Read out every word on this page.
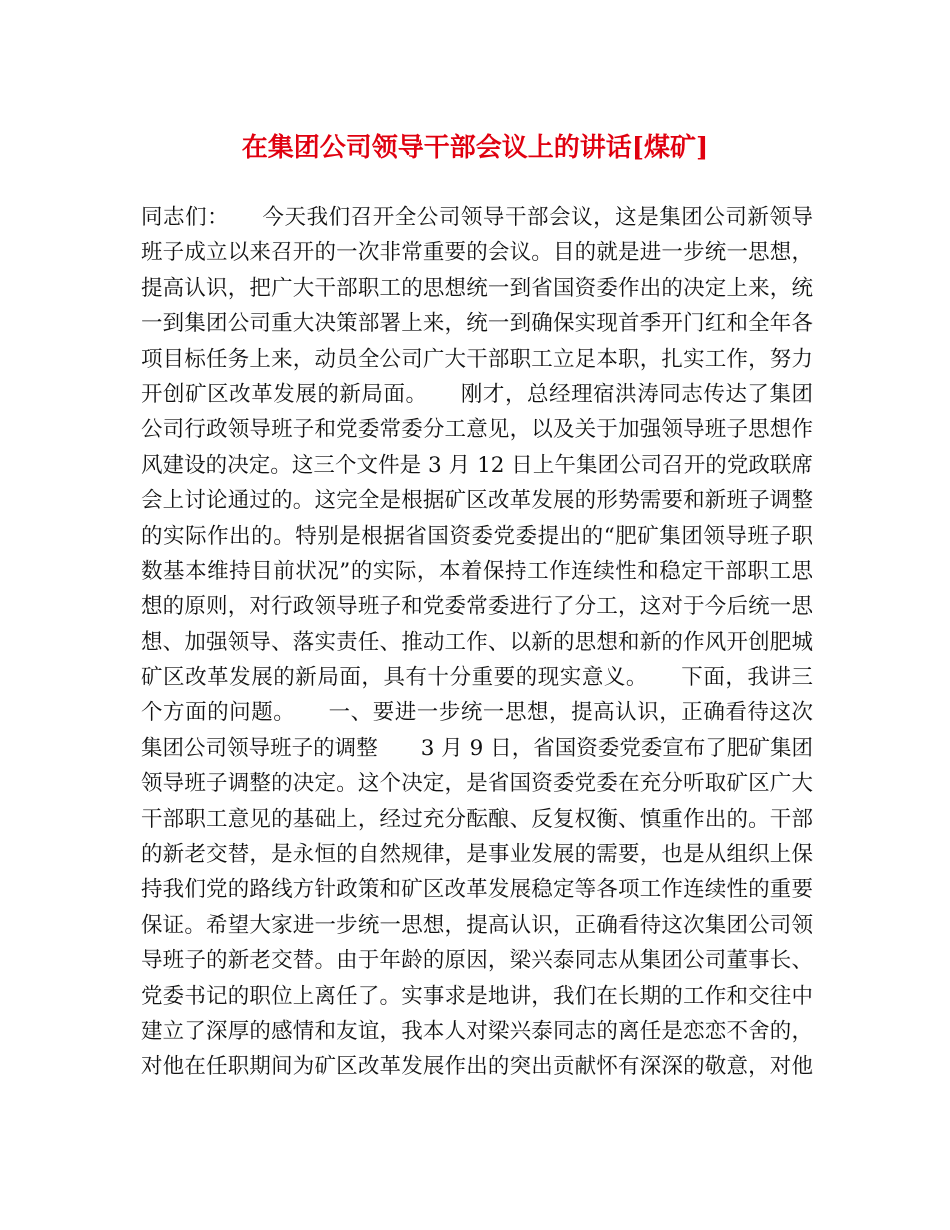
在集团公司领导干部会议上的讲话[煤矿]
同志们：　　今天我们召开全公司领导干部会议，这是集团公司新领导
班子成立以来召开的一次非常重要的会议。目的就是进一步统一思想，
提高认识，把广大干部职工的思想统一到省国资委作出的决定上来，统
一到集团公司重大决策部署上来，统一到确保实现首季开门红和全年各
项目标任务上来，动员全公司广大干部职工立足本职，扎实工作，努力
开创矿区改革发展的新局面。　　刚才，总经理宿洪涛同志传达了集团
公司行政领导班子和党委常委分工意见，以及关于加强领导班子思想作
风建设的决定。这三个文件是 3 月 12 日上午集团公司召开的党政联席
会上讨论通过的。这完全是根据矿区改革发展的形势需要和新班子调整
的实际作出的。特别是根据省国资委党委提出的“肥矿集团领导班子职
数基本维持目前状况”的实际，本着保持工作连续性和稳定干部职工思
想的原则，对行政领导班子和党委常委进行了分工，这对于今后统一思
想、加强领导、落实责任、推动工作、以新的思想和新的作风开创肥城
矿区改革发展的新局面，具有十分重要的现实意义。　　下面，我讲三
个方面的问题。　　一、要进一步统一思想，提高认识，正确看待这次
集团公司领导班子的调整　　3 月 9 日，省国资委党委宣布了肥矿集团
领导班子调整的决定。这个决定，是省国资委党委在充分听取矿区广大
干部职工意见的基础上，经过充分酝酿、反复权衡、慎重作出的。干部
的新老交替，是永恒的自然规律，是事业发展的需要，也是从组织上保
持我们党的路线方针政策和矿区改革发展稳定等各项工作连续性的重要
保证。希望大家进一步统一思想，提高认识，正确看待这次集团公司领
导班子的新老交替。由于年龄的原因，梁兴泰同志从集团公司董事长、
党委书记的职位上离任了。实事求是地讲，我们在长期的工作和交往中
建立了深厚的感情和友谊，我本人对梁兴泰同志的离任是恋恋不舍的，
对他在任职期间为矿区改革发展作出的突出贡献怀有深深的敬意，对他
